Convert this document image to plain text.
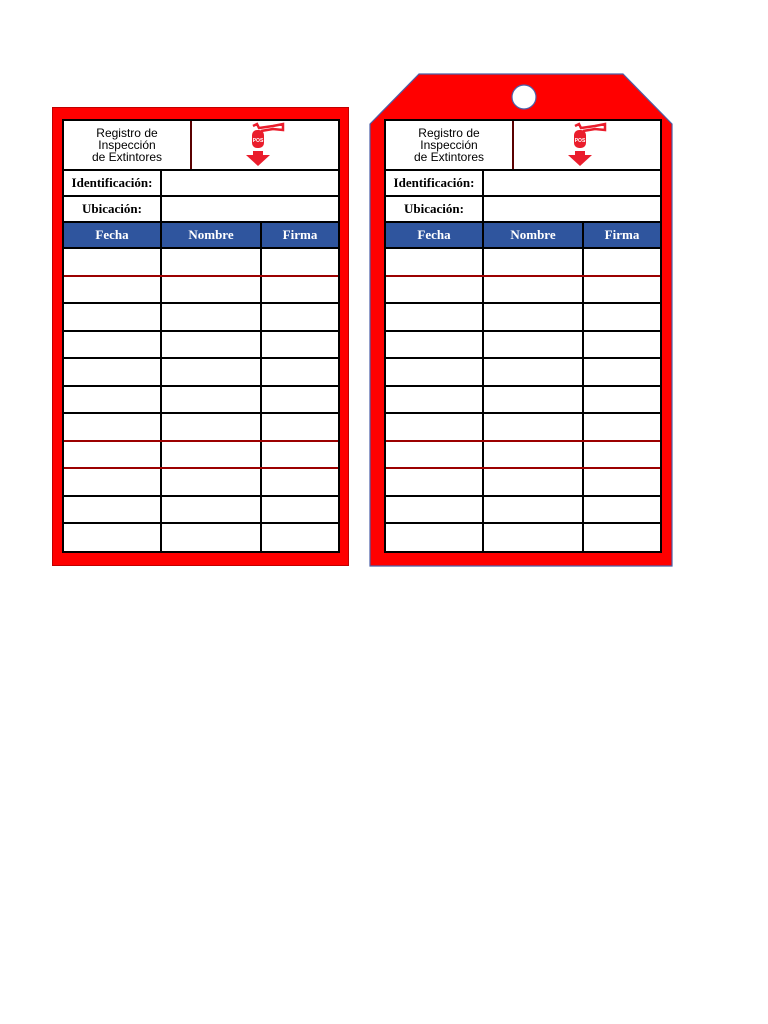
Registro de
Inspección
de Extintores
POS
Identificación:
Ubicación:
Fecha	Nombre	Firma
Registro de
Inspección
de Extintores
POS
Identificación:
Ubicación:
Fecha	Nombre	Firma
